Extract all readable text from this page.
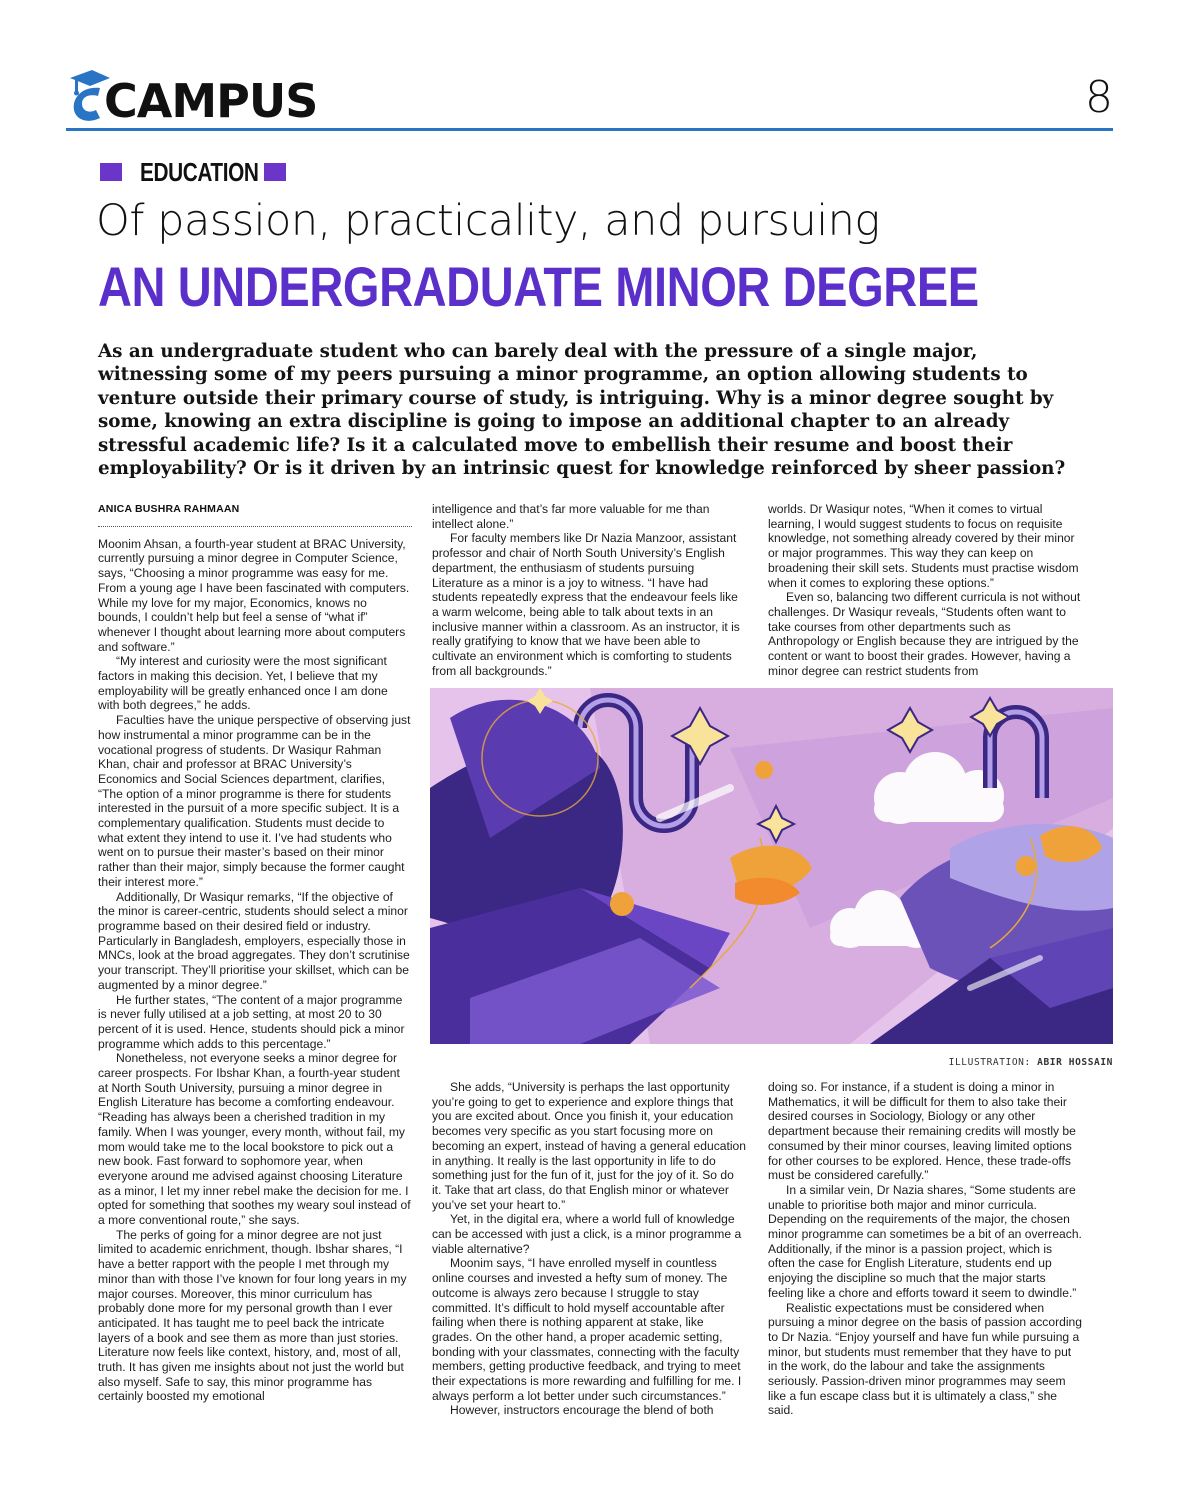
CAMPUS	8
EDUCATION
Of passion, practicality, and pursuing
AN UNDERGRADUATE MINOR DEGREE

As an undergraduate student who can barely deal with the pressure of a single major, witnessing some of my peers pursuing a minor programme, an option allowing students to venture outside their primary course of study, is intriguing. Why is a minor degree sought by some, knowing an extra discipline is going to impose an additional chapter to an already stressful academic life? Is it a calculated move to embellish their resume and boost their employability? Or is it driven by an intrinsic quest for knowledge reinforced by sheer passion?

ANICA BUSHRA RAHMAAN

Moonim Ahsan, a fourth-year student at BRAC University, currently pursuing a minor degree in Computer Science, says, “Choosing a minor programme was easy for me. From a young age I have been fascinated with computers. While my love for my major, Economics, knows no bounds, I couldn’t help but feel a sense of “what if” whenever I thought about learning more about computers and software.”

“My interest and curiosity were the most significant factors in making this decision. Yet, I believe that my employability will be greatly enhanced once I am done with both degrees,” he adds.

Faculties have the unique perspective of observing just how instrumental a minor programme can be in the vocational progress of students. Dr Wasiqur Rahman Khan, chair and professor at BRAC University’s Economics and Social Sciences department, clarifies, “The option of a minor programme is there for students interested in the pursuit of a more specific subject. It is a complementary qualification. Students must decide to what extent they intend to use it. I’ve had students who went on to pursue their master’s based on their minor rather than their major, simply because the former caught their interest more.”

Additionally, Dr Wasiqur remarks, “If the objective of the minor is career-centric, students should select a minor programme based on their desired field or industry. Particularly in Bangladesh, employers, especially those in MNCs, look at the broad aggregates. They don’t scrutinise your transcript. They’ll prioritise your skillset, which can be augmented by a minor degree.”

He further states, “The content of a major programme is never fully utilised at a job setting, at most 20 to 30 percent of it is used. Hence, students should pick a minor programme which adds to this percentage.”

Nonetheless, not everyone seeks a minor degree for career prospects. For Ibshar Khan, a fourth-year student at North South University, pursuing a minor degree in English Literature has become a comforting endeavour. “Reading has always been a cherished tradition in my family. When I was younger, every month, without fail, my mom would take me to the local bookstore to pick out a new book. Fast forward to sophomore year, when everyone around me advised against choosing Literature as a minor, I let my inner rebel make the decision for me. I opted for something that soothes my weary soul instead of a more conventional route,” she says.

The perks of going for a minor degree are not just limited to academic enrichment, though. Ibshar shares, “I have a better rapport with the people I met through my minor than with those I’ve known for four long years in my major courses. Moreover, this minor curriculum has probably done more for my personal growth than I ever anticipated. It has taught me to peel back the intricate layers of a book and see them as more than just stories. Literature now feels like context, history, and, most of all, truth. It has given me insights about not just the world but also myself. Safe to say, this minor programme has certainly boosted my emotional

intelligence and that’s far more valuable for me than intellect alone.”

For faculty members like Dr Nazia Manzoor, assistant professor and chair of North South University’s English department, the enthusiasm of students pursuing Literature as a minor is a joy to witness. “I have had students repeatedly express that the endeavour feels like a warm welcome, being able to talk about texts in an inclusive manner within a classroom. As an instructor, it is really gratifying to know that we have been able to cultivate an environment which is comforting to students from all backgrounds.”

worlds. Dr Wasiqur notes, “When it comes to virtual learning, I would suggest students to focus on requisite knowledge, not something already covered by their minor or major programmes. This way they can keep on broadening their skill sets. Students must practise wisdom when it comes to exploring these options.”

Even so, balancing two different curricula is not without challenges. Dr Wasiqur reveals, “Students often want to take courses from other departments such as Anthropology or English because they are intrigued by the content or want to boost their grades. However, having a minor degree can restrict students from

ILLUSTRATION: ABIR HOSSAIN

She adds, “University is perhaps the last opportunity you’re going to get to experience and explore things that you are excited about. Once you finish it, your education becomes very specific as you start focusing more on becoming an expert, instead of having a general education in anything. It really is the last opportunity in life to do something just for the fun of it, just for the joy of it. So do it. Take that art class, do that English minor or whatever you’ve set your heart to.”

Yet, in the digital era, where a world full of knowledge can be accessed with just a click, is a minor programme a viable alternative?

Moonim says, “I have enrolled myself in countless online courses and invested a hefty sum of money. The outcome is always zero because I struggle to stay committed. It’s difficult to hold myself accountable after failing when there is nothing apparent at stake, like grades. On the other hand, a proper academic setting, bonding with your classmates, connecting with the faculty members, getting productive feedback, and trying to meet their expectations is more rewarding and fulfilling for me. I always perform a lot better under such circumstances.”

However, instructors encourage the blend of both

doing so. For instance, if a student is doing a minor in Mathematics, it will be difficult for them to also take their desired courses in Sociology, Biology or any other department because their remaining credits will mostly be consumed by their minor courses, leaving limited options for other courses to be explored. Hence, these trade-offs must be considered carefully.”

In a similar vein, Dr Nazia shares, “Some students are unable to prioritise both major and minor curricula. Depending on the requirements of the major, the chosen minor programme can sometimes be a bit of an overreach. Additionally, if the minor is a passion project, which is often the case for English Literature, students end up enjoying the discipline so much that the major starts feeling like a chore and efforts toward it seem to dwindle.”

Realistic expectations must be considered when pursuing a minor degree on the basis of passion according to Dr Nazia. “Enjoy yourself and have fun while pursuing a minor, but students must remember that they have to put in the work, do the labour and take the assignments seriously. Passion-driven minor programmes may seem like a fun escape class but it is ultimately a class,” she said.
